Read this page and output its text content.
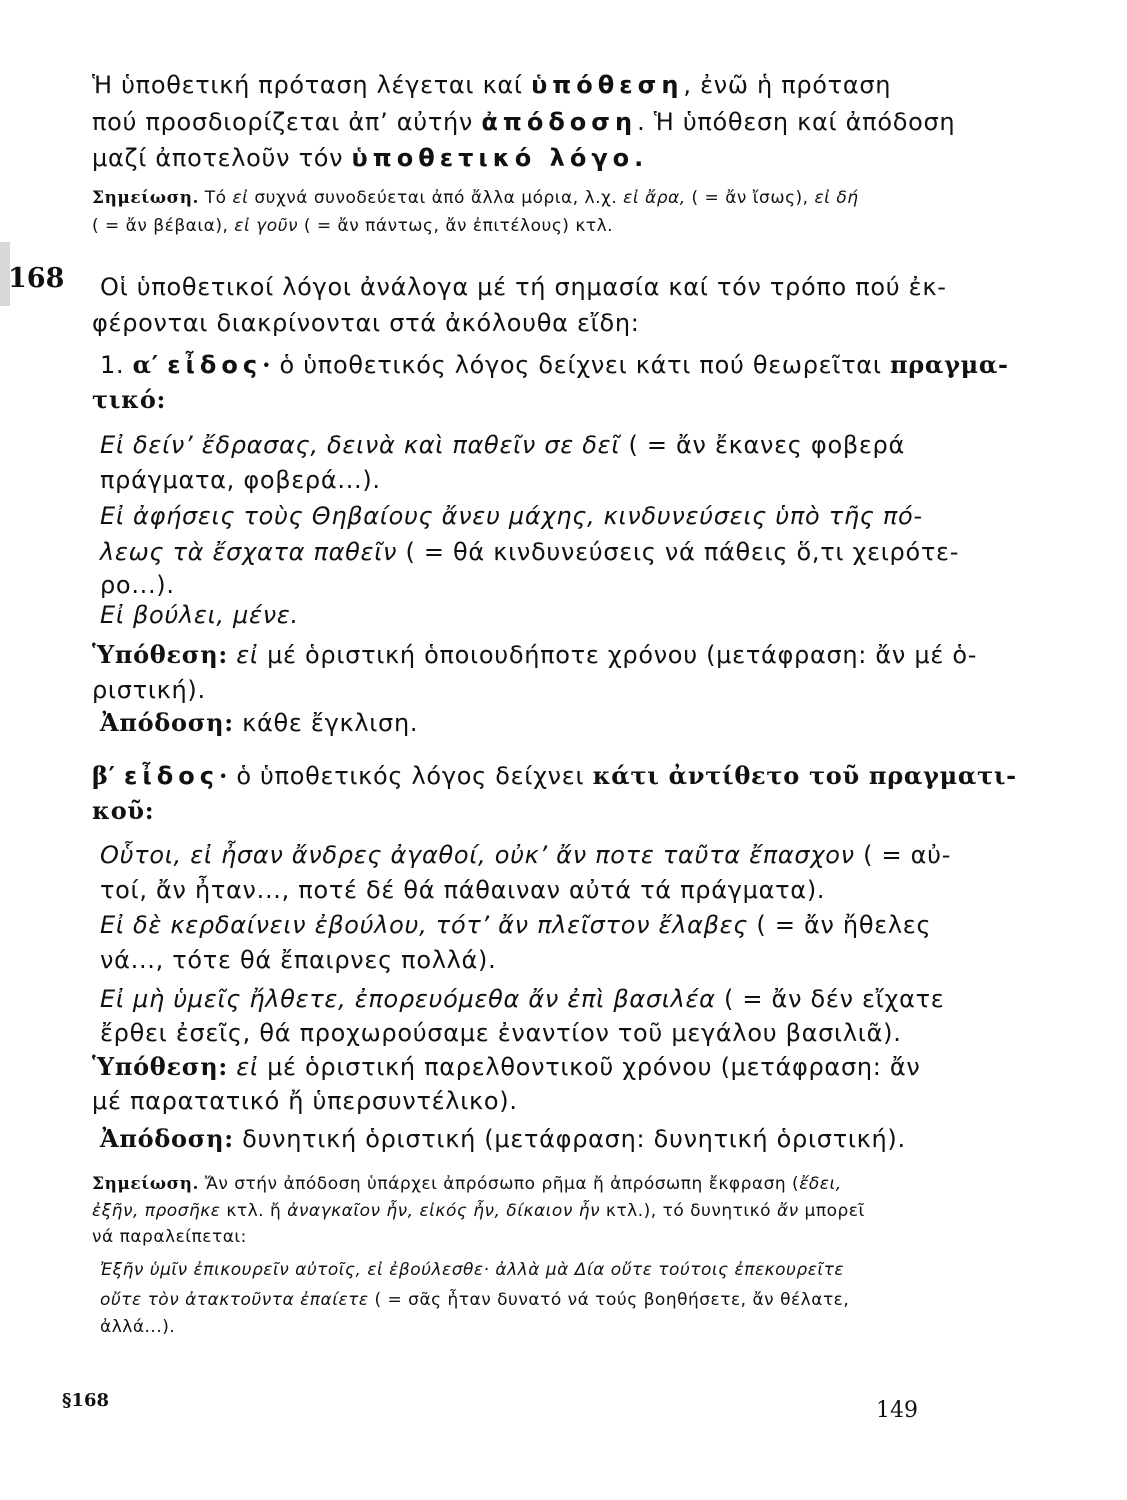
Ἡ ὑποθετική πρόταση λέγεται καί ὑπόθεση, ἐνῶ ἡ πρόταση
πού προσδιορίζεται ἀπ’ αὐτήν ἀπόδοση. Ἡ ὑπόθεση καί ἀπόδοση
μαζί ἀποτελοῦν τόν ὑποθετικό λόγο.
Σημείωση. Τό εἰ συχνά συνοδεύεται ἀπό ἄλλα μόρια, λ.χ. εἰ ἄρα, ( = ἄν ἴσως), εἰ δή
( = ἄν βέβαια), εἰ γοῦν ( = ἄν πάντως, ἄν ἐπιτέλους) κτλ.
168 Οἱ ὑποθετικοί λόγοι ἀνάλογα μέ τή σημασία καί τόν τρόπο πού ἐκ-
φέρονται διακρίνονται στά ἀκόλουθα εἴδη:
1. α′ εἶδος· ὁ ὑποθετικός λόγος δείχνει κάτι πού θεωρεῖται πραγμα-
τικό:
Εἰ δείν’ ἔδρασας, δεινὰ καὶ παθεῖν σε δεῖ ( = ἄν ἔκανες φοβερά
πράγματα, φοβερά...).
Εἰ ἀφήσεις τοὺς Θηβαίους ἄνευ μάχης, κινδυνεύσεις ὑπὸ τῆς πό-
λεως τὰ ἔσχατα παθεῖν ( = θά κινδυνεύσεις νά πάθεις ὅ,τι χειρότε-
ρο...).
Εἰ βούλει, μένε.
Ὑπόθεση: εἰ μέ ὁριστική ὁποιουδήποτε χρόνου (μετάφραση: ἄν μέ ὁ-
ριστική).
Ἀπόδοση: κάθε ἔγκλιση.
β′ εἶδος· ὁ ὑποθετικός λόγος δείχνει κάτι ἀντίθετο τοῦ πραγματι-
κοῦ:
Οὗτοι, εἰ ἦσαν ἄνδρες ἀγαθοί, οὐκ’ ἄν ποτε ταῦτα ἔπασχον ( = αὐ-
τοί, ἄν ἦταν..., ποτέ δέ θά πάθαιναν αὐτά τά πράγματα).
Εἰ δὲ κερδαίνειν ἐβούλου, τότ’ ἄν πλεῖστον ἔλαβες ( = ἄν ἤθελες
νά..., τότε θά ἔπαιρνες πολλά).
Εἰ μὴ ὑμεῖς ἤλθετε, ἐπορευόμεθα ἄν ἐπὶ βασιλέα ( = ἄν δέν εἴχατε
ἔρθει ἐσεῖς, θά προχωρούσαμε ἐναντίον τοῦ μεγάλου βασιλιᾶ).
Ὑπόθεση: εἰ μέ ὁριστική παρελθοντικοῦ χρόνου (μετάφραση: ἄν
μέ παρατατικό ἤ ὑπερσυντέλικο).
Ἀπόδοση: δυνητική ὁριστική (μετάφραση: δυνητική ὁριστική).
Σημείωση. Ἄν στήν ἀπόδοση ὑπάρχει ἀπρόσωπο ρῆμα ἤ ἀπρόσωπη ἔκφραση (ἔδει,
ἐξῆν, προσῆκε κτλ. ἤ ἀναγκαῖον ἦν, εἰκός ἦν, δίκαιον ἦν κτλ.), τό δυνητικό ἄν μπορεῖ
νά παραλείπεται:
Ἐξῆν ὑμῖν ἐπικουρεῖν αὐτοῖς, εἰ ἐβούλεσθε· ἀλλὰ μὰ Δία οὔτε τούτοις ἐπεκουρεῖτε
οὔτε τὸν ἀτακτοῦντα ἐπαίετε ( = σᾶς ἦταν δυνατό νά τούς βοηθήσετε, ἄν θέλατε,
ἀλλά...).
§168	149
